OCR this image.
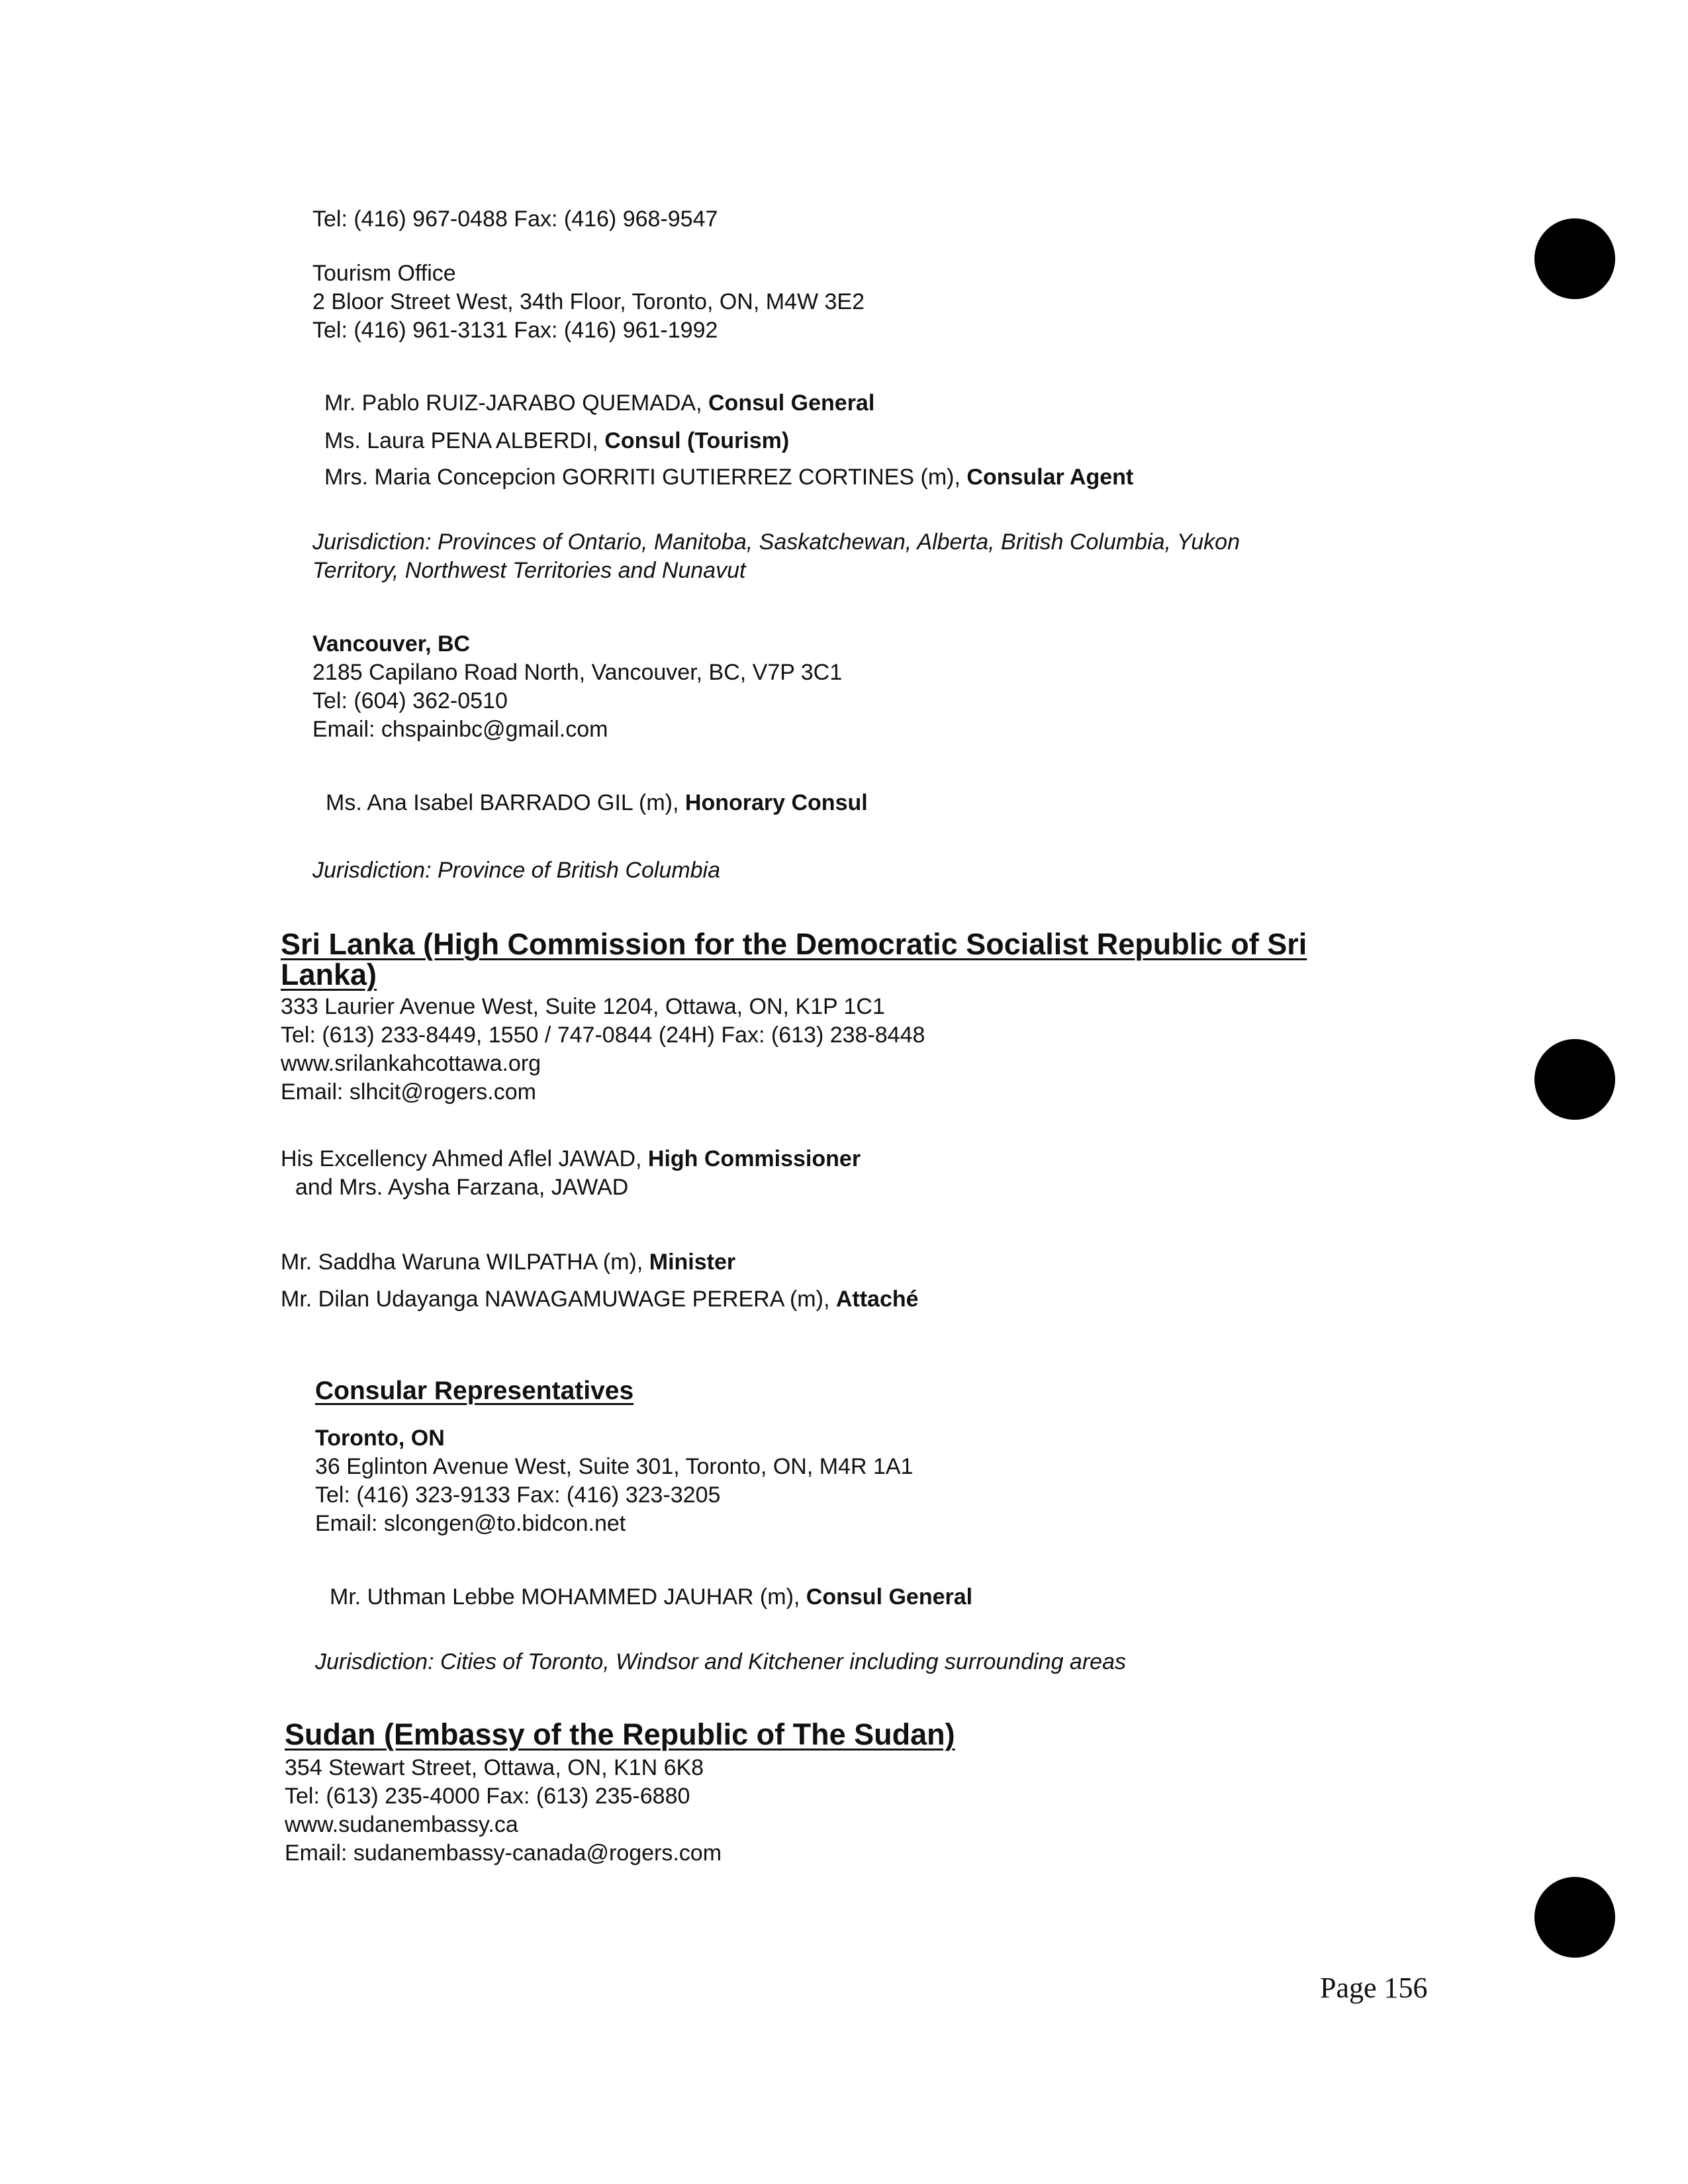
Tel: (416) 967-0488 Fax: (416) 968-9547
Tourism Office
2 Bloor Street West, 34th Floor, Toronto, ON, M4W 3E2
Tel: (416) 961-3131 Fax: (416) 961-1992
Mr. Pablo RUIZ-JARABO QUEMADA, Consul General
Ms. Laura PENA ALBERDI, Consul (Tourism)
Mrs. Maria Concepcion GORRITI GUTIERREZ CORTINES (m), Consular Agent
Jurisdiction: Provinces of Ontario, Manitoba, Saskatchewan, Alberta, British Columbia, Yukon
Territory, Northwest Territories and Nunavut
Vancouver, BC
2185 Capilano Road North, Vancouver, BC, V7P 3C1
Tel: (604) 362-0510
Email: chspainbc@gmail.com
Ms. Ana Isabel BARRADO GIL (m), Honorary Consul
Jurisdiction: Province of British Columbia
Sri Lanka (High Commission for the Democratic Socialist Republic of Sri
Lanka)
333 Laurier Avenue West, Suite 1204, Ottawa, ON, K1P 1C1
Tel: (613) 233-8449, 1550 / 747-0844 (24H) Fax: (613) 238-8448
www.srilankahcottawa.org
Email: slhcit@rogers.com
His Excellency Ahmed Aflel JAWAD, High Commissioner
and Mrs. Aysha Farzana, JAWAD
Mr. Saddha Waruna WILPATHA (m), Minister
Mr. Dilan Udayanga NAWAGAMUWAGE PERERA (m), Attaché
Consular Representatives
Toronto, ON
36 Eglinton Avenue West, Suite 301, Toronto, ON, M4R 1A1
Tel: (416) 323-9133 Fax: (416) 323-3205
Email: slcongen@to.bidcon.net
Mr. Uthman Lebbe MOHAMMED JAUHAR (m), Consul General
Jurisdiction: Cities of Toronto, Windsor and Kitchener including surrounding areas
Sudan (Embassy of the Republic of The Sudan)
354 Stewart Street, Ottawa, ON, K1N 6K8
Tel: (613) 235-4000 Fax: (613) 235-6880
www.sudanembassy.ca
Email: sudanembassy-canada@rogers.com
Page 156
